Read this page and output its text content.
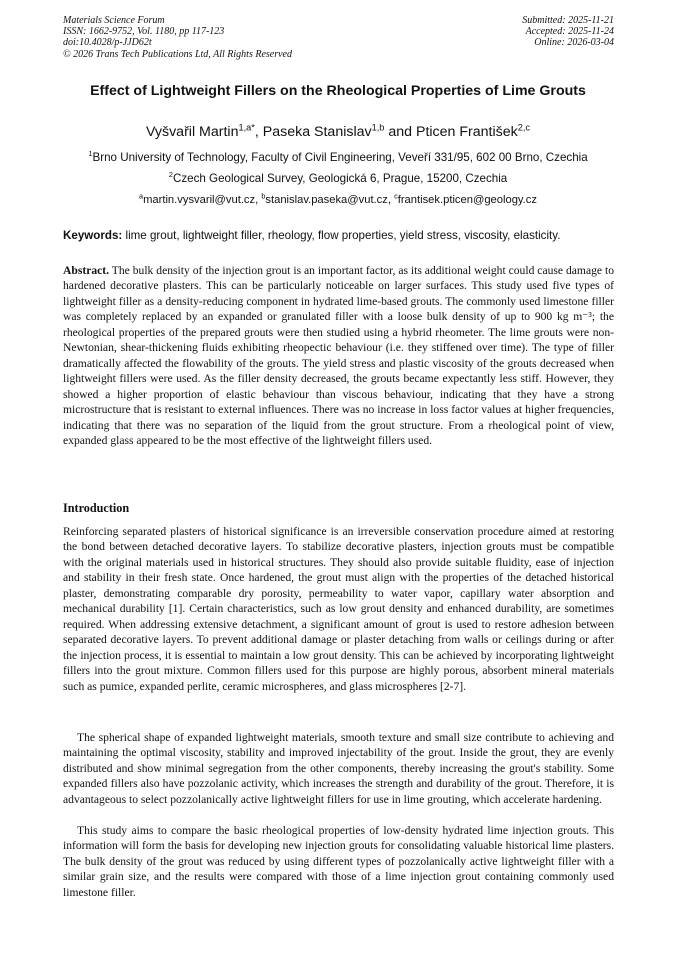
Materials Science Forum
ISSN: 1662-9752, Vol. 1180, pp 117-123
doi:10.4028/p-JJD62t
© 2026 Trans Tech Publications Ltd, All Rights Reserved
Submitted: 2025-11-21
Accepted: 2025-11-24
Online: 2026-03-04
Effect of Lightweight Fillers on the Rheological Properties of Lime Grouts
Vyšvařil Martin$^{1,a*}$, Paseka Stanislav$^{1,b}$ and Pticen František$^{2,c}$
$^1$Brno University of Technology, Faculty of Civil Engineering, Veveří 331/95, 602 00 Brno, Czechia
$^2$Czech Geological Survey, Geologická 6, Prague, 15200, Czechia
$^a$martin.vysvaril@vut.cz, $^b$stanislav.paseka@vut.cz, $^c$frantisek.pticen@geology.cz
Keywords: lime grout, lightweight filler, rheology, flow properties, yield stress, viscosity, elasticity.
Abstract. The bulk density of the injection grout is an important factor, as its additional weight could cause damage to hardened decorative plasters. This can be particularly noticeable on larger surfaces. This study used five types of lightweight filler as a density-reducing component in hydrated lime-based grouts. The commonly used limestone filler was completely replaced by an expanded or granulated filler with a loose bulk density of up to 900 kg m⁻³; the rheological properties of the prepared grouts were then studied using a hybrid rheometer. The lime grouts were non-Newtonian, shear-thickening fluids exhibiting rheopectic behaviour (i.e. they stiffened over time). The type of filler dramatically affected the flowability of the grouts. The yield stress and plastic viscosity of the grouts decreased when lightweight fillers were used. As the filler density decreased, the grouts became expectantly less stiff. However, they showed a higher proportion of elastic behaviour than viscous behaviour, indicating that they have a strong microstructure that is resistant to external influences. There was no increase in loss factor values at higher frequencies, indicating that there was no separation of the liquid from the grout structure. From a rheological point of view, expanded glass appeared to be the most effective of the lightweight fillers used.
Introduction
Reinforcing separated plasters of historical significance is an irreversible conservation procedure aimed at restoring the bond between detached decorative layers. To stabilize decorative plasters, injection grouts must be compatible with the original materials used in historical structures. They should also provide suitable fluidity, ease of injection and stability in their fresh state. Once hardened, the grout must align with the properties of the detached historical plaster, demonstrating comparable dry porosity, permeability to water vapor, capillary water absorption and mechanical durability [1]. Certain characteristics, such as low grout density and enhanced durability, are sometimes required. When addressing extensive detachment, a significant amount of grout is used to restore adhesion between separated decorative layers. To prevent additional damage or plaster detaching from walls or ceilings during or after the injection process, it is essential to maintain a low grout density. This can be achieved by incorporating lightweight fillers into the grout mixture. Common fillers used for this purpose are highly porous, absorbent mineral materials such as pumice, expanded perlite, ceramic microspheres, and glass microspheres [2-7].
The spherical shape of expanded lightweight materials, smooth texture and small size contribute to achieving and maintaining the optimal viscosity, stability and improved injectability of the grout. Inside the grout, they are evenly distributed and show minimal segregation from the other components, thereby increasing the grout's stability. Some expanded fillers also have pozzolanic activity, which increases the strength and durability of the grout. Therefore, it is advantageous to select pozzolanically active lightweight fillers for use in lime grouting, which accelerate hardening.
This study aims to compare the basic rheological properties of low-density hydrated lime injection grouts. This information will form the basis for developing new injection grouts for consolidating valuable historical lime plasters. The bulk density of the grout was reduced by using different types of pozzolanically active lightweight filler with a similar grain size, and the results were compared with those of a lime injection grout containing commonly used limestone filler.
